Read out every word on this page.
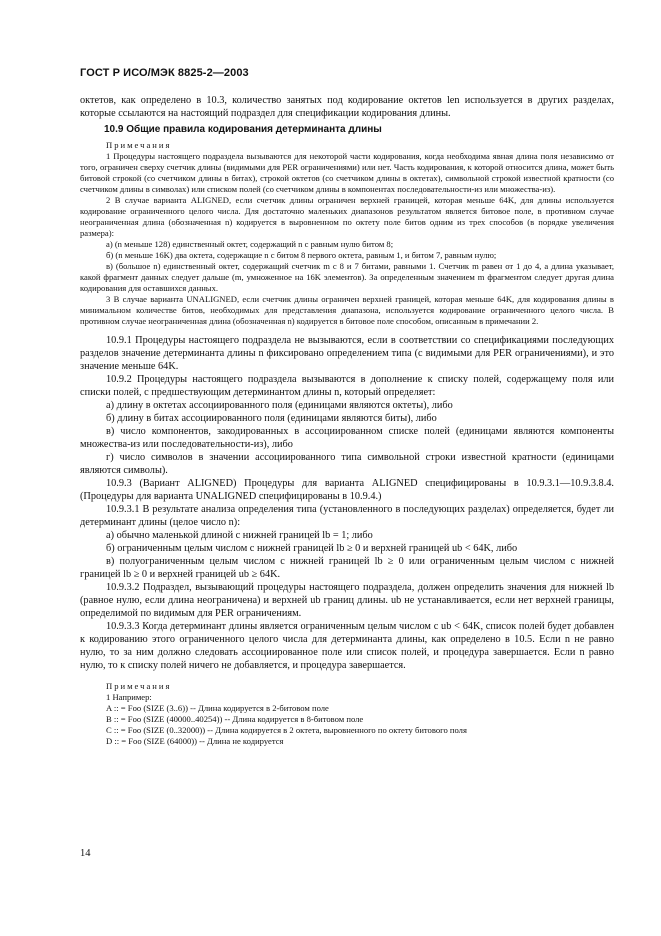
ГОСТ Р ИСО/МЭК 8825-2—2003

октетов, как определено в 10.3, количество занятых под кодирование октетов len используется в других разделах, которые ссылаются на настоящий подраздел для спецификации кодирования длины.

10.9 Общие правила кодирования детерминанта длины

Примечания

1 Процедуры настоящего подраздела вызываются для некоторой части кодирования, когда необходима явная длина поля независимо от того, ограничен сверху счетчик длины (видимыми для PER ограничениями) или нет. Часть кодирования, к которой относится длина, может быть битовой строкой (со счетчиком длины в битах), строкой октетов (со счетчиком длины в октетах), символьной строкой известной кратности (со счетчиком длины в символах) или списком полей (со счетчиком длины в компонентах последовательности-из или множества-из).

2 В случае варианта ALIGNED, если счетчик длины ограничен верхней границей, которая меньше 64K, для длины используется кодирование ограниченного целого числа. Для достаточно маленьких диапазонов результатом является битовое поле, в противном случае неограниченная длина (обозначенная n) кодируется в выровненном по октету поле битов одним из трех способов (в порядке увеличения размера):

а) (n меньше 128) единственный октет, содержащий n с равным нулю битом 8;

б) (n меньше 16K) два октета, содержащие n с битом 8 первого октета, равным 1, и битом 7, равным нулю;

в) (большое n) единственный октет, содержащий счетчик m с 8 и 7 битами, равными 1. Счетчик m равен от 1 до 4, а длина указывает, какой фрагмент данных следует дальше (m, умноженное на 16K элементов). За определенным значением m фрагментом следует другая длина кодирования для оставшихся данных.

3 В случае варианта UNALIGNED, если счетчик длины ограничен верхней границей, которая меньше 64K, для кодирования длины в минимальном количестве битов, необходимых для представления диапазона, используется кодирование ограниченного целого числа. В противном случае неограниченная длина (обозначенная n) кодируется в битовое поле способом, описанным в примечании 2.

10.9.1 Процедуры настоящего подраздела не вызываются, если в соответствии со спецификациями последующих разделов значение детерминанта длины n фиксировано определением типа (с видимыми для PER ограничениями), и это значение меньше 64K.

10.9.2 Процедуры настоящего подраздела вызываются в дополнение к списку полей, содержащему поля или списки полей, с предшествующим детерминантом длины n, который определяет:

а) длину в октетах ассоциированного поля (единицами являются октеты), либо

б) длину в битах ассоциированного поля (единицами являются биты), либо

в) число компонентов, закодированных в ассоциированном списке полей (единицами являются компоненты множества-из или последовательности-из), либо

г) число символов в значении ассоциированного типа символьной строки известной кратности (единицами являются символы).

10.9.3 (Вариант ALIGNED) Процедуры для варианта ALIGNED специфицированы в 10.9.3.1—10.9.3.8.4. (Процедуры для варианта UNALIGNED специфицированы в 10.9.4.)

10.9.3.1 В результате анализа определения типа (установленного в последующих разделах) определяется, будет ли детерминант длины (целое число n):

а) обычно маленькой длиной с нижней границей lb = 1; либо

б) ограниченным целым числом с нижней границей lb ≥ 0 и верхней границей ub < 64K, либо

в) полуограниченным целым числом с нижней границей lb ≥ 0 или ограниченным целым числом с нижней границей lb ≥ 0 и верхней границей ub ≥ 64K.

10.9.3.2 Подраздел, вызывающий процедуры настоящего подраздела, должен определить значения для нижней lb (равное нулю, если длина неограничена) и верхней ub границ длины. ub не устанавливается, если нет верхней границы, определимой по видимым для PER ограничениям.

10.9.3.3 Когда детерминант длины является ограниченным целым числом с ub < 64K, список полей будет добавлен к кодированию этого ограниченного целого числа для детерминанта длины, как определено в 10.5. Если n не равно нулю, то за ним должно следовать ассоциированное поле или список полей, и процедура завершается. Если n равно нулю, то к списку полей ничего не добавляется, и процедура завершается.

Примечания

1 Например:

A :: = Foo (SIZE (3..6)) -- Длина кодируется в 2-битовом поле

B :: = Foo (SIZE (40000..40254)) -- Длина кодируется в 8-битовом поле

C :: = Foo (SIZE (0..32000)) -- Длина кодируется в 2 октета, выровненного по октету битового поля

D :: = Foo (SIZE (64000)) -- Длина не кодируется

14
